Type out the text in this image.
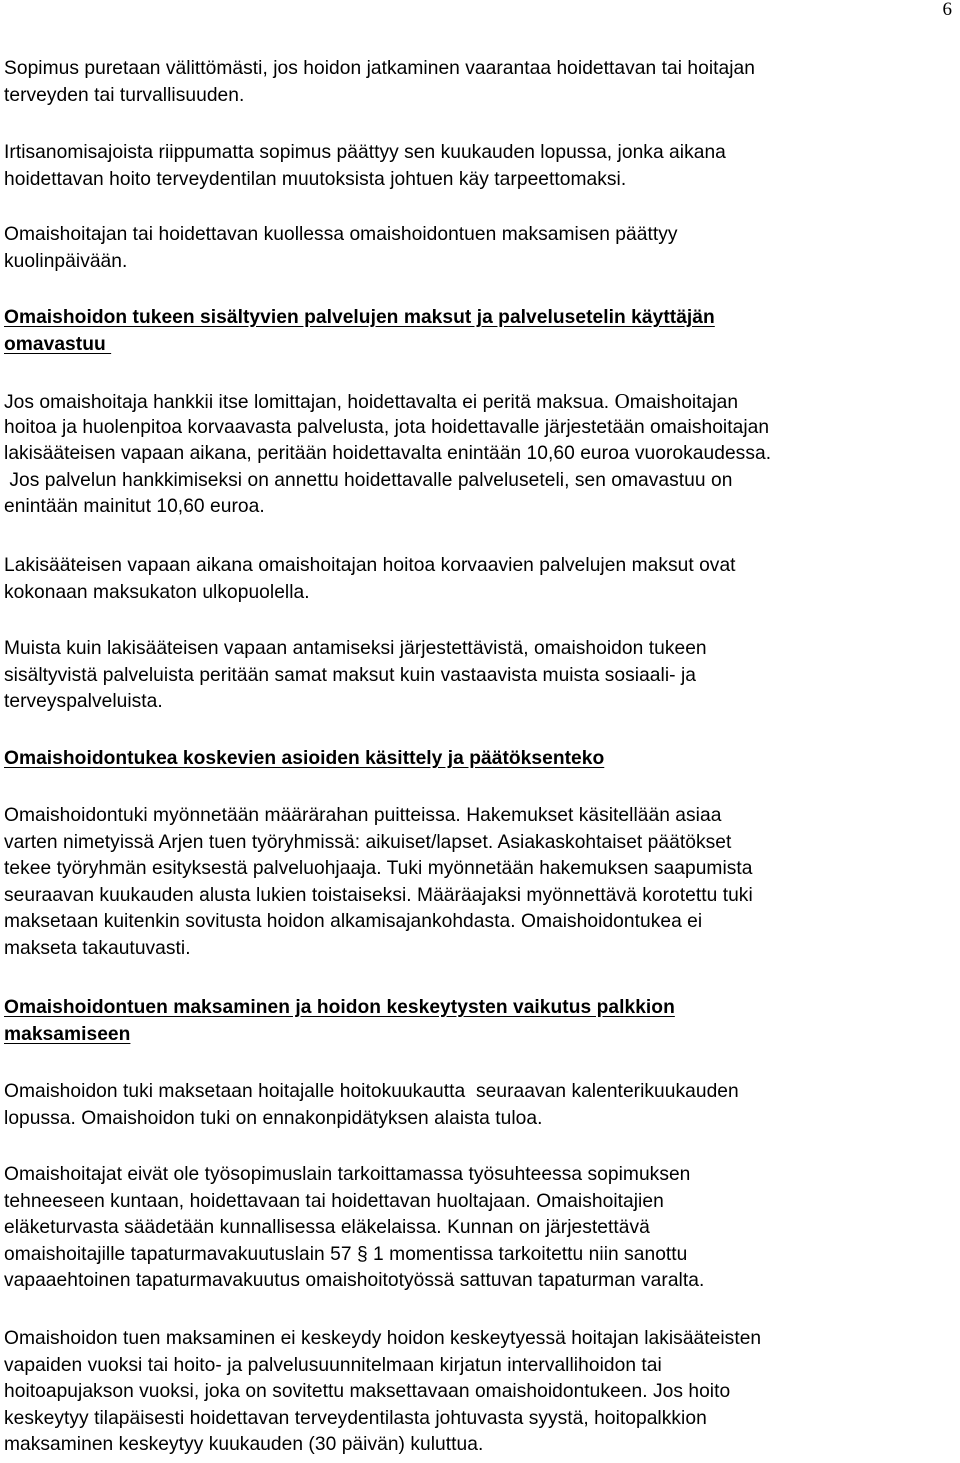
6
Sopimus puretaan välittömästi, jos hoidon jatkaminen vaarantaa hoidettavan tai hoitajan
terveyden tai turvallisuuden.
Irtisanomisajoista riippumatta sopimus päättyy sen kuukauden lopussa, jonka aikana
hoidettavan hoito terveydentilan muutoksista johtuen käy tarpeettomaksi.
Omaishoitajan tai hoidettavan kuollessa omaishoidontuen maksamisen päättyy
kuolinpäivään.
Omaishoidon tukeen sisältyvien palvelujen maksut ja palvelusetelin käyttäjän
omavastuu
Jos omaishoitaja hankkii itse lomittajan, hoidettavalta ei peritä maksua. Omaishoitajan
hoitoa ja huolenpitoa korvaavasta palvelusta, jota hoidettavalle järjestetään omaishoitajan
lakisääteisen vapaan aikana, peritään hoidettavalta enintään 10,60 euroa vuorokaudessa.
Jos palvelun hankkimiseksi on annettu hoidettavalle palveluseteli, sen omavastuu on
enintään mainitut 10,60 euroa.
Lakisääteisen vapaan aikana omaishoitajan hoitoa korvaavien palvelujen maksut ovat
kokonaan maksukaton ulkopuolella.
Muista kuin lakisääteisen vapaan antamiseksi järjestettävistä, omaishoidon tukeen
sisältyvistä palveluista peritään samat maksut kuin vastaavista muista sosiaali- ja
terveyspalveluista.
Omaishoidontukea koskevien asioiden käsittely ja päätöksenteko
Omaishoidontuki myönnetään määrärahan puitteissa. Hakemukset käsitellään asiaa
varten nimetyissä Arjen tuen työryhmissä: aikuiset/lapset. Asiakaskohtaiset päätökset
tekee työryhmän esityksestä palveluohjaaja. Tuki myönnetään hakemuksen saapumista
seuraavan kuukauden alusta lukien toistaiseksi. Määräajaksi myönnettävä korotettu tuki
maksetaan kuitenkin sovitusta hoidon alkamisajankohdasta. Omaishoidontukea ei
makseta takautuvasti.
Omaishoidontuen maksaminen ja hoidon keskeytysten vaikutus palkkion
maksamiseen
Omaishoidon tuki maksetaan hoitajalle hoitokuukautta  seuraavan kalenterikuukauden
lopussa. Omaishoidon tuki on ennakonpidätyksen alaista tuloa.
Omaishoitajat eivät ole työsopimuslain tarkoittamassa työsuhteessa sopimuksen
tehneeseen kuntaan, hoidettavaan tai hoidettavan huoltajaan. Omaishoitajien
eläketurvasta säädetään kunnallisessa eläkelaissa. Kunnan on järjestettävä
omaishoitajille tapaturmavakuutuslain 57 § 1 momentissa tarkoitettu niin sanottu
vapaaehtoinen tapaturmavakuutus omaishoitotyössä sattuvan tapaturman varalta.
Omaishoidon tuen maksaminen ei keskeydy hoidon keskeytyessä hoitajan lakisääteisten
vapaiden vuoksi tai hoito- ja palvelusuunnitelmaan kirjatun intervallihoidon tai
hoitoapujakson vuoksi, joka on sovitettu maksettavaan omaishoidontukeen. Jos hoito
keskeytyy tilapäisesti hoidettavan terveydentilasta johtuvasta syystä, hoitopalkkion
maksaminen keskeytyy kuukauden (30 päivän) kuluttua.
